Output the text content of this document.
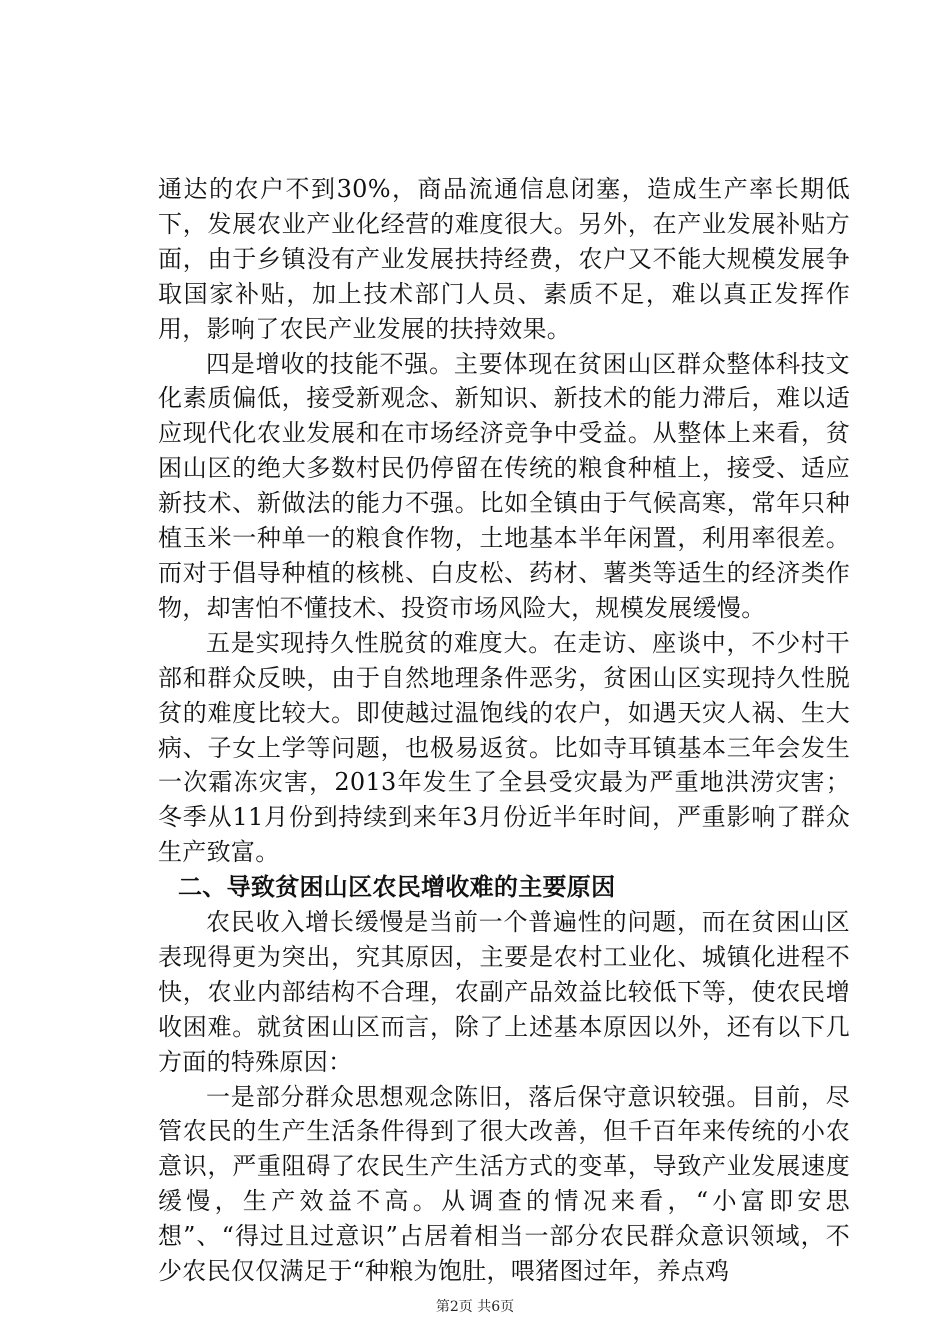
通达的农户不到30%，商品流通信息闭塞，造成生产率长期低下，发展农业产业化经营的难度很大。另外，在产业发展补贴方面，由于乡镇没有产业发展扶持经费，农户又不能大规模发展争取国家补贴，加上技术部门人员、素质不足，难以真正发挥作用，影响了农民产业发展的扶持效果。

四是增收的技能不强。主要体现在贫困山区群众整体科技文化素质偏低，接受新观念、新知识、新技术的能力滞后，难以适应现代化农业发展和在市场经济竞争中受益。从整体上来看，贫困山区的绝大多数村民仍停留在传统的粮食种植上，接受、适应新技术、新做法的能力不强。比如全镇由于气候高寒，常年只种植玉米一种单一的粮食作物，土地基本半年闲置，利用率很差。而对于倡导种植的核桃、白皮松、药材、薯类等适生的经济类作物，却害怕不懂技术、投资市场风险大，规模发展缓慢。

五是实现持久性脱贫的难度大。在走访、座谈中，不少村干部和群众反映，由于自然地理条件恶劣，贫困山区实现持久性脱贫的难度比较大。即使越过温饱线的农户，如遇天灾人祸、生大病、子女上学等问题，也极易返贫。比如寺耳镇基本三年会发生一次霜冻灾害，2013年发生了全县受灾最为严重地洪涝灾害；冬季从11月份到持续到来年3月份近半年时间，严重影响了群众生产致富。

二、导致贫困山区农民增收难的主要原因

农民收入增长缓慢是当前一个普遍性的问题，而在贫困山区表现得更为突出，究其原因，主要是农村工业化、城镇化进程不快，农业内部结构不合理，农副产品效益比较低下等，使农民增收困难。就贫困山区而言，除了上述基本原因以外，还有以下几方面的特殊原因：

一是部分群众思想观念陈旧，落后保守意识较强。目前，尽管农民的生产生活条件得到了很大改善，但千百年来传统的小农意识，严重阻碍了农民生产生活方式的变革，导致产业发展速度缓慢，生产效益不高。从调查的情况来看，“小富即安思想”、“得过且过意识”占居着相当一部分农民群众意识领域，不少农民仅仅满足于“种粮为饱肚，喂猪图过年，养点鸡

第2页 共6页
